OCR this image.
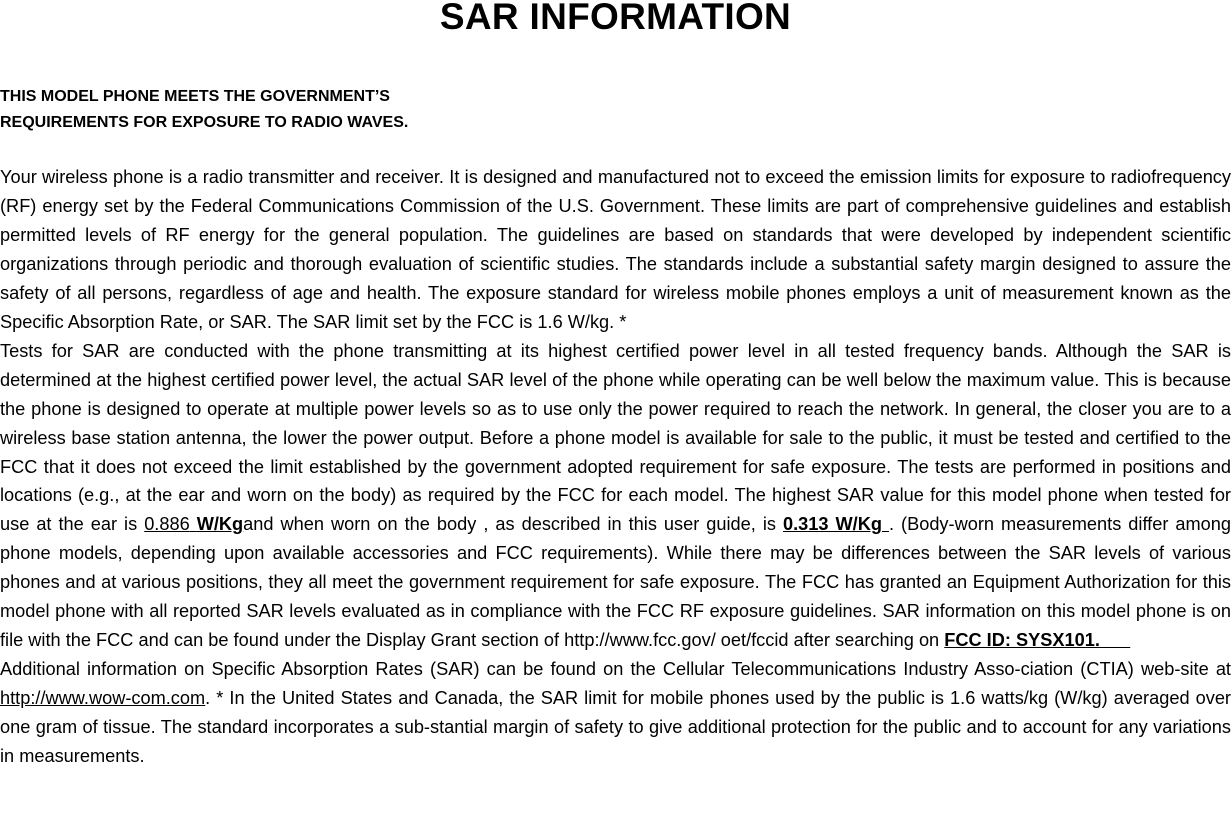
SAR INFORMATION
THIS MODEL PHONE MEETS THE GOVERNMENT’S
REQUIREMENTS FOR EXPOSURE TO RADIO WAVES.

Your wireless phone is a radio transmitter and receiver. It is designed and manufactured not to exceed the emission limits for exposure to radiofrequency (RF) energy set by the Federal Communications Commission of the U.S. Government. These limits are part of comprehensive guidelines and establish permitted levels of RF energy for the general population. The guidelines are based on standards that were developed by independent scientific organizations through periodic and thorough evaluation of scientific studies. The standards include a substantial safety margin designed to assure the safety of all persons, regardless of age and health. The exposure standard for wireless mobile phones employs a unit of measurement known as the Specific Absorption Rate, or SAR. The SAR limit set by the FCC is 1.6 W/kg. *

Tests for SAR are conducted with the phone transmitting at its highest certified power level in all tested frequency bands. Although the SAR is determined at the highest certified power level, the actual SAR level of the phone while operating can be well below the maximum value. This is because the phone is designed to operate at multiple power levels so as to use only the power required to reach the network. In general, the closer you are to a wireless base station antenna, the lower the power output. Before a phone model is available for sale to the public, it must be tested and certified to the FCC that it does not exceed the limit established by the government adopted requirement for safe exposure. The tests are performed in positions and locations (e.g., at the ear and worn on the body) as required by the FCC for each model. The highest SAR value for this model phone when tested for use at the ear is 0.886 W/Kgand when worn on the body , as described in this user guide, is 0.313 W/Kg . (Body-worn measurements differ among phone models, depending upon available accessories and FCC requirements). While there may be differences between the SAR levels of various phones and at various positions, they all meet the government requirement for safe exposure. The FCC has granted an Equipment Authorization for this model phone with all reported SAR levels evaluated as in compliance with the FCC RF exposure guidelines. SAR information on this model phone is on file with the FCC and can be found under the Display Grant section of http://www.fcc.gov/ oet/fccid after searching on FCC ID: SYSX101.

Additional information on Specific Absorption Rates (SAR) can be found on the Cellular Telecommunications Industry Asso-ciation (CTIA) web-site at http://www.wow-com.com. * In the United States and Canada, the SAR limit for mobile phones used by the public is 1.6 watts/kg (W/kg) averaged over one gram of tissue. The standard incorporates a sub-stantial margin of safety to give additional protection for the public and to account for any variations in measurements.
